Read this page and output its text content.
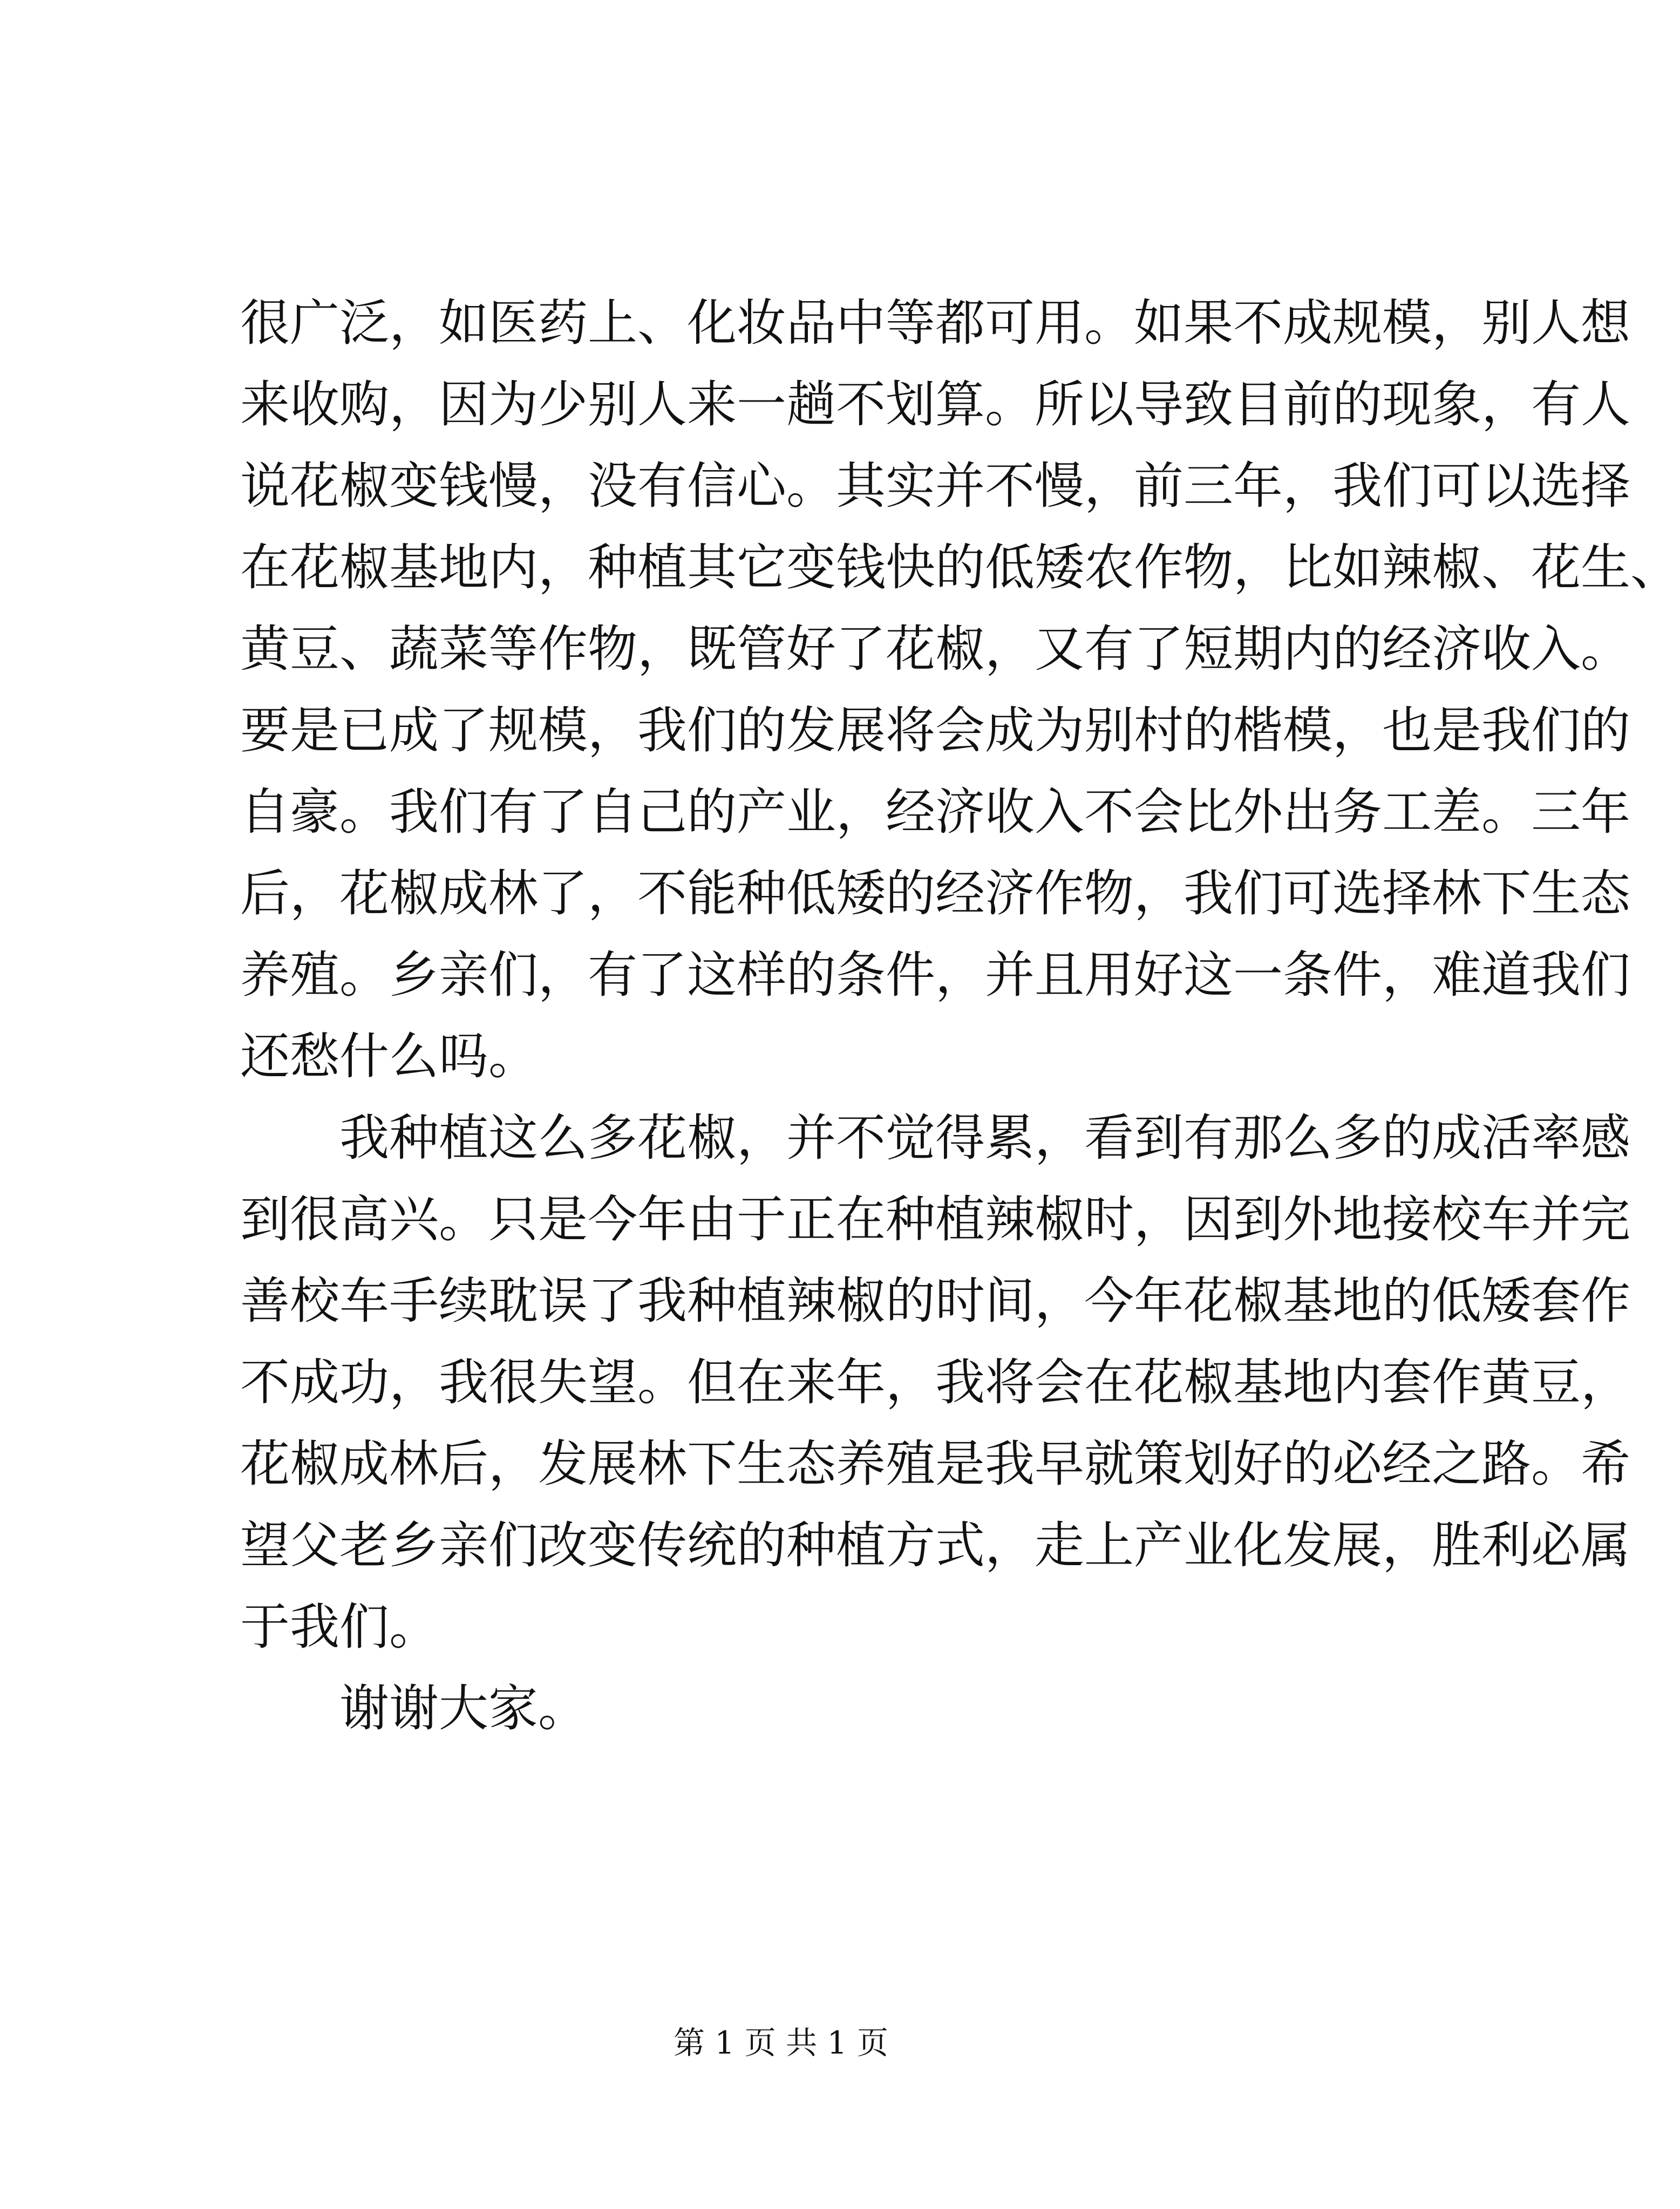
很广泛，如医药上、化妆品中等都可用。如果不成规模，别人想
来收购，因为少别人来一趟不划算。所以导致目前的现象，有人
说花椒变钱慢，没有信心。其实并不慢，前三年，我们可以选择
在花椒基地内，种植其它变钱快的低矮农作物，比如辣椒、花生、
黄豆、蔬菜等作物，既管好了花椒，又有了短期内的经济收入。
要是已成了规模，我们的发展将会成为别村的楷模，也是我们的
自豪。我们有了自己的产业，经济收入不会比外出务工差。三年
后，花椒成林了，不能种低矮的经济作物，我们可选择林下生态
养殖。乡亲们，有了这样的条件，并且用好这一条件，难道我们
还愁什么吗。
我种植这么多花椒，并不觉得累，看到有那么多的成活率感
到很高兴。只是今年由于正在种植辣椒时，因到外地接校车并完
善校车手续耽误了我种植辣椒的时间，今年花椒基地的低矮套作
不成功，我很失望。但在来年，我将会在花椒基地内套作黄豆，
花椒成林后，发展林下生态养殖是我早就策划好的必经之路。希
望父老乡亲们改变传统的种植方式，走上产业化发展，胜利必属
于我们。
谢谢大家。
第 1 页 共 1 页
